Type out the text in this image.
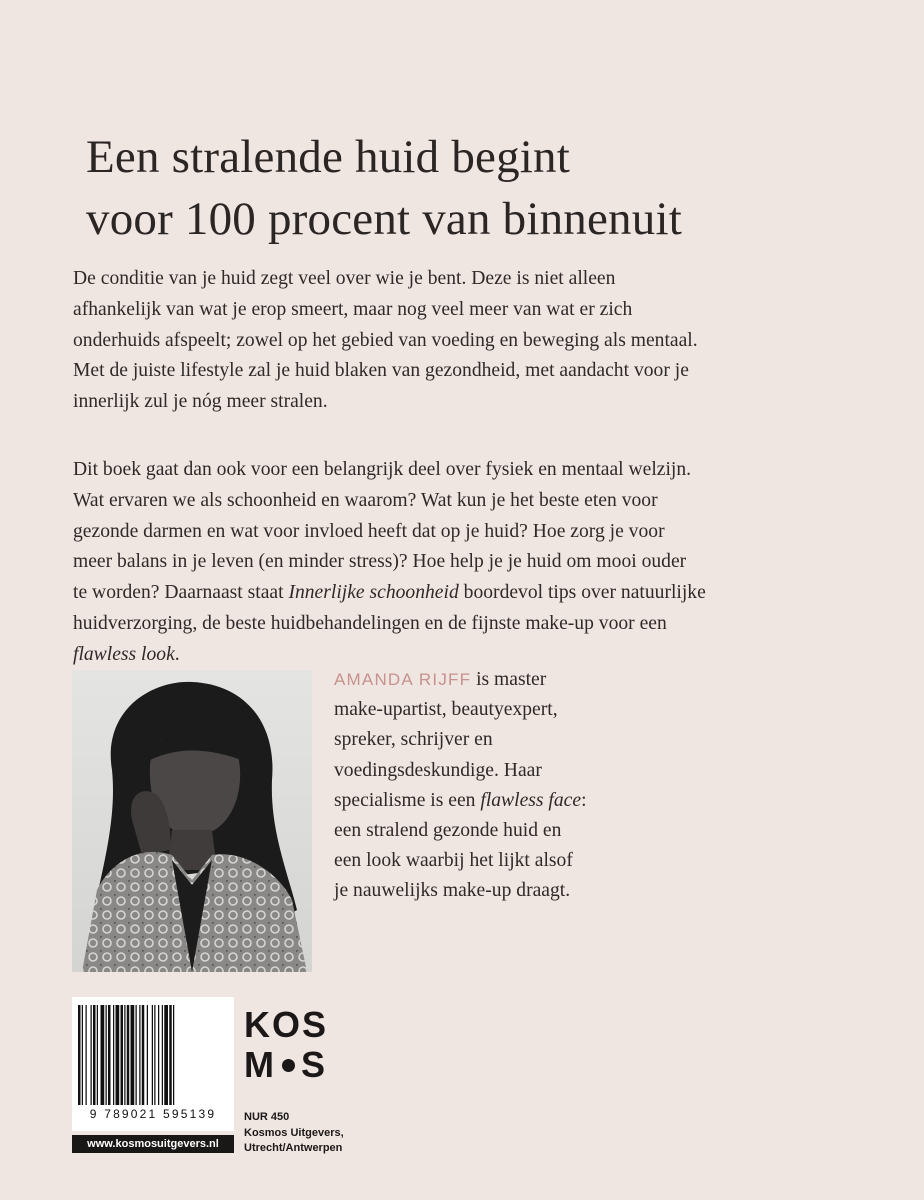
Een stralende huid begint
voor 100 procent van binnenuit
De conditie van je huid zegt veel over wie je bent. Deze is niet alleen
afhankelijk van wat je erop smeert, maar nog veel meer van wat er zich
onderhuids afspeelt; zowel op het gebied van voeding en beweging als mentaal.
Met de juiste lifestyle zal je huid blaken van gezondheid, met aandacht voor je
innerlijk zul je nóg meer stralen.
Dit boek gaat dan ook voor een belangrijk deel over fysiek en mentaal welzijn.
Wat ervaren we als schoonheid en waarom? Wat kun je het beste eten voor
gezonde darmen en wat voor invloed heeft dat op je huid? Hoe zorg je voor
meer balans in je leven (en minder stress)? Hoe help je je huid om mooi ouder
te worden? Daarnaast staat Innerlijke schoonheid boordevol tips over natuurlijke
huidverzorging, de beste huidbehandelingen en de fijnste make-up voor een
flawless look.
AMANDA RIJFF is master
make-upartist, beautyexpert,
spreker, schrijver en
voedingsdeskundige. Haar
specialisme is een flawless face:
een stralend gezonde huid en
een look waarbij het lijkt alsof
je nauwelijks make-up draagt.
9 789021 595139
www.kosmosuitgevers.nl
KOS
M S
NUR 450
Kosmos Uitgevers,
Utrecht/Antwerpen
